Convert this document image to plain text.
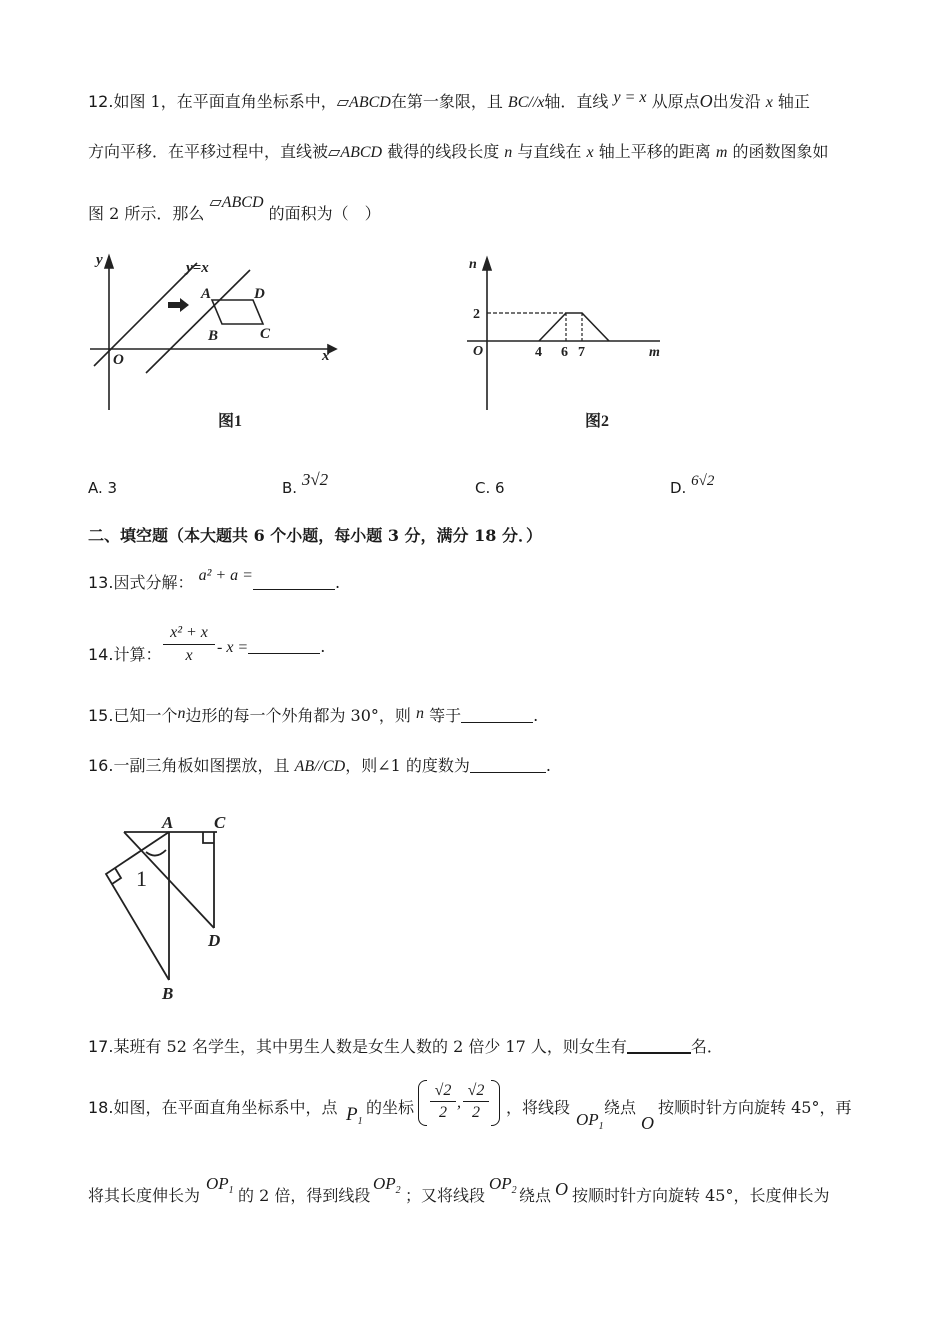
12.如图 1，在平面直角坐标系中，▱ABCD在第一象限，且 BC//x轴．直线 y = x 从原点O出发沿 x 轴正
方向平移．在平移过程中，直线被▱ABCD 截得的线段长度 n 与直线在 x 轴上平移的距离 m 的函数图象如
图 2 所示．那么 ▱ABCD 的面积为（　）
y
x
O
y=x
A	D
B	C
图1
n
m
O
2
4 6 7
图2
A. 3	B. 3√2	C. 6	D. 6√2
二、填空题（本大题共 6 个小题，每小题 3 分，满分 18 分．）
13.因式分解： a² + a =	.
14.计算： $\frac{\text{x² + x}}{x}$ - x =	.
15.已知一个n边形的每一个外角都为 30°，则 n 等于	.
16.一副三角板如图摆放，且 AB//CD，则∠1 的度数为	.
A C
D
B
1
17.某班有 52 名学生，其中男生人数是女生人数的 2 倍少 17 人，则女生有	名．
18.如图，在平面直角坐标系中，点 $P_1$
的坐标 $\frac{√2}{2}$ , $\frac{√2}{2}$ ，将线段
$OP_1$
绕点
O
按顺时针方向旋转 45°，再
将其长度伸长为
$OP_1$ 的 2 倍，得到线段
$OP_2$ ；又将线段
$OP_2$ 绕点 O 按顺时针方向旋转 45°，长度伸长为
